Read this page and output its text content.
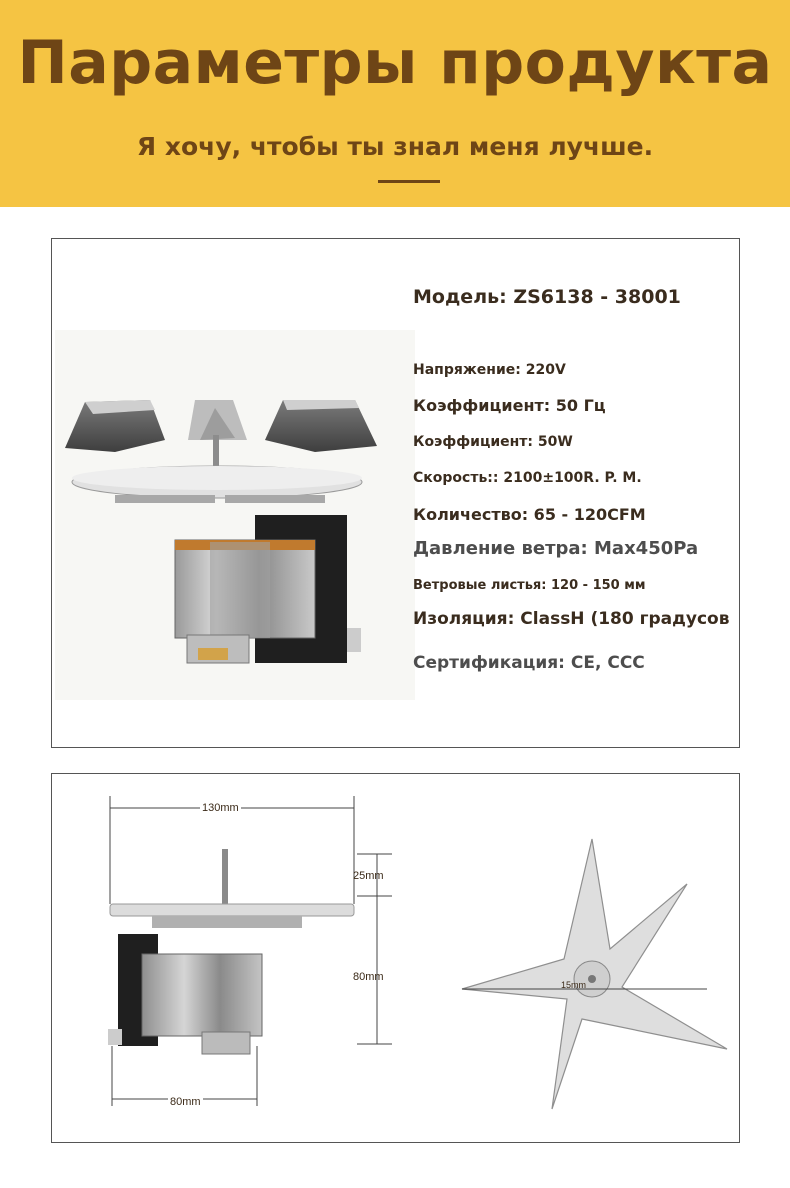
Параметры продукта
Я хочу, чтобы ты знал меня лучше.
Модель: ZS6138 - 38001
Напряжение: 220V
Коэффициент: 50 Гц
Коэффициент: 50W
Скорость:: 2100±100R. P. M.
Количество: 65 - 120CFM
Давление ветра: Max450Pa
Ветровые листья: 120 - 150 мм
Изоляция: ClassH (180 градусов
Сертификация: CE, CCC
130mm
25mm
80mm
80mm
15mm
